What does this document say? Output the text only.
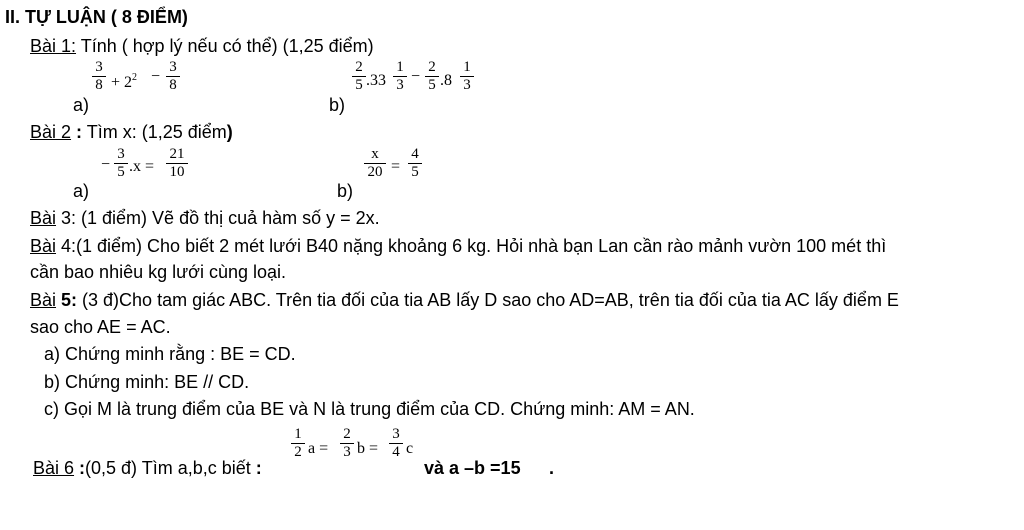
II. TỰ LUẬN ( 8 ĐIỂM)
Bài 1: Tính ( hợp lý nếu có thể) (1,25 điểm)
a)
$\frac{3}{8} + 2^2 - \frac{3}{8}$
b)
$\frac{2}{5} .33 \frac{1}{3} - \frac{2}{5} .8 \frac{1}{3}$
Bài 2 : Tìm x: (1,25 điểm)
a)
− $\frac{3}{5} .x = \frac{21}{10}$
b)
$\frac{x}{20} = \frac{4}{5}$
Bài 3: (1 điểm) Vẽ đồ thị cuả hàm số y = 2x.
Bài 4:(1 điểm) Cho biết 2 mét lưới B40 nặng khoảng 6 kg. Hỏi nhà bạn Lan cần rào mảnh vườn 100 mét thì
cần bao nhiêu kg lưới cùng loại.
Bài 5: (3 đ)Cho tam giác ABC. Trên tia đối của tia AB lấy D sao cho AD=AB, trên tia đối của tia AC lấy điểm E
sao cho AE = AC.
a) Chứng minh rằng : BE = CD.
b) Chứng minh: BE // CD.
c) Gọi M là trung điểm của BE và N là trung điểm của CD. Chứng minh: AM = AN.
Bài 6 :(0,5 đ) Tìm a,b,c biết :
$\frac{1}{2}$ $a = \frac{2}{3}$ $b = \frac{3}{4}$ c
và a –b =15 .
